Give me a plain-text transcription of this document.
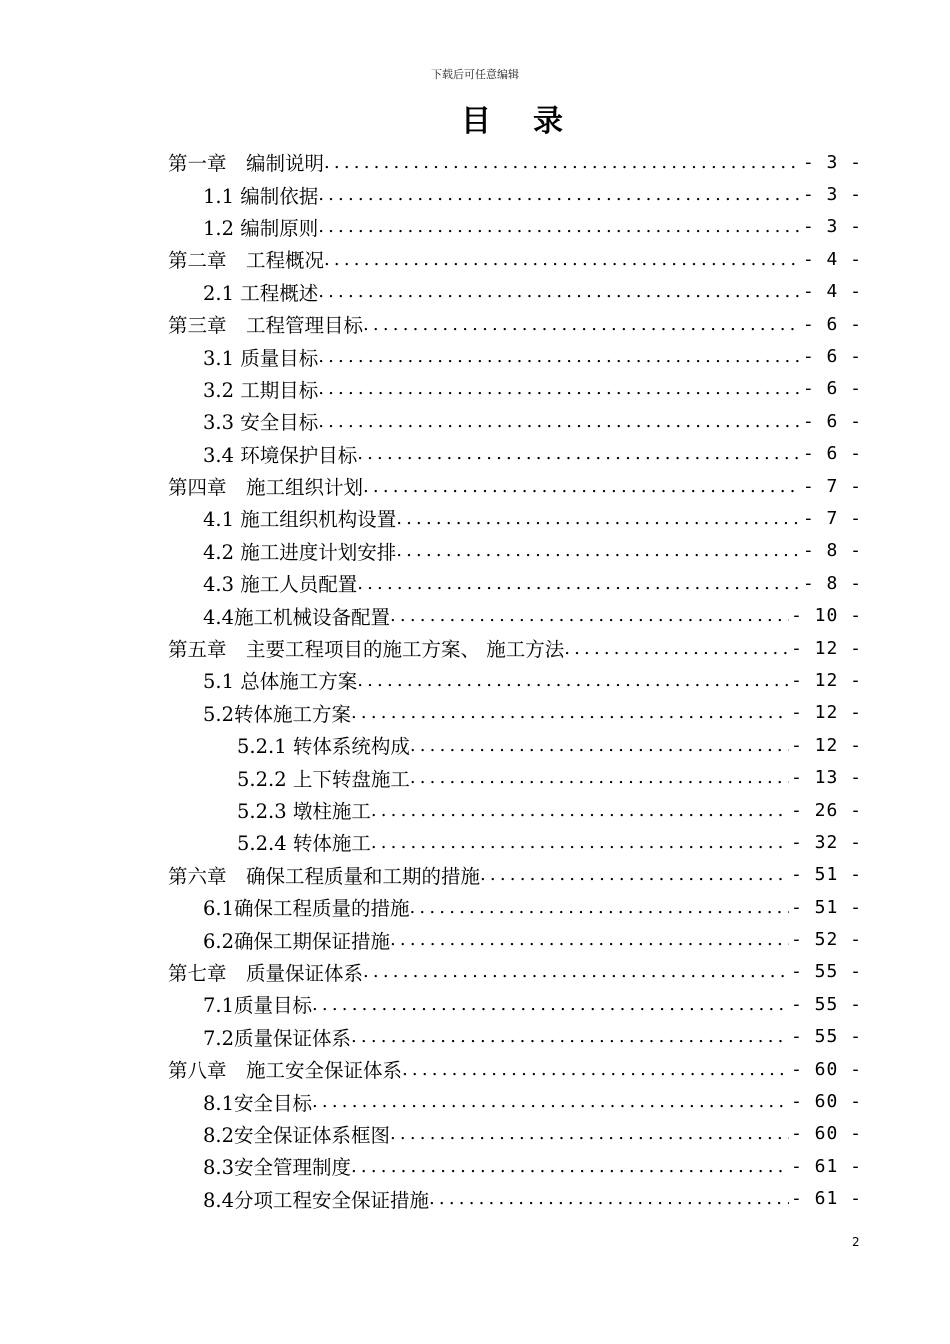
下载后可任意编辑
目录
第一章　编制说明 .....	- 3 -
1.1 编制依据 .....	- 3 -
1.2 编制原则 .....	- 3 -
第二章　工程概况 .....	- 4 -
2.1 工程概述 .....	- 4 -
第三章　工程管理目标 .....	- 6 -
3.1 质量目标 .....	- 6 -
3.2 工期目标 .....	- 6 -
3.3 安全目标 .....	- 6 -
3.4 环境保护目标 .....	- 6 -
第四章　施工组织计划 .....	- 7 -
4.1 施工组织机构设置 .....	- 7 -
4.2 施工进度计划安排 .....	- 8 -
4.3 施工人员配置 .....	- 8 -
4.4施工机械设备配置 .....	- 10 -
第五章　主要工程项目的施工方案、 施工方法 .....	- 12 -
5.1 总体施工方案 .....	- 12 -
5.2转体施工方案 .....	- 12 -
5.2.1 转体系统构成 .....	- 12 -
5.2.2 上下转盘施工 .....	- 13 -
5.2.3 墩柱施工 .....	- 26 -
5.2.4 转体施工 .....	- 32 -
第六章　确保工程质量和工期的措施 .....	- 51 -
6.1确保工程质量的措施 .....	- 51 -
6.2确保工期保证措施 .....	- 52 -
第七章　质量保证体系 .....	- 55 -
7.1质量目标 .....	- 55 -
7.2质量保证体系 .....	- 55 -
第八章　施工安全保证体系 .....	- 60 -
8.1安全目标 .....	- 60 -
8.2安全保证体系框图 .....	- 60 -
8.3安全管理制度 .....	- 61 -
8.4分项工程安全保证措施 .....	- 61 -
2
